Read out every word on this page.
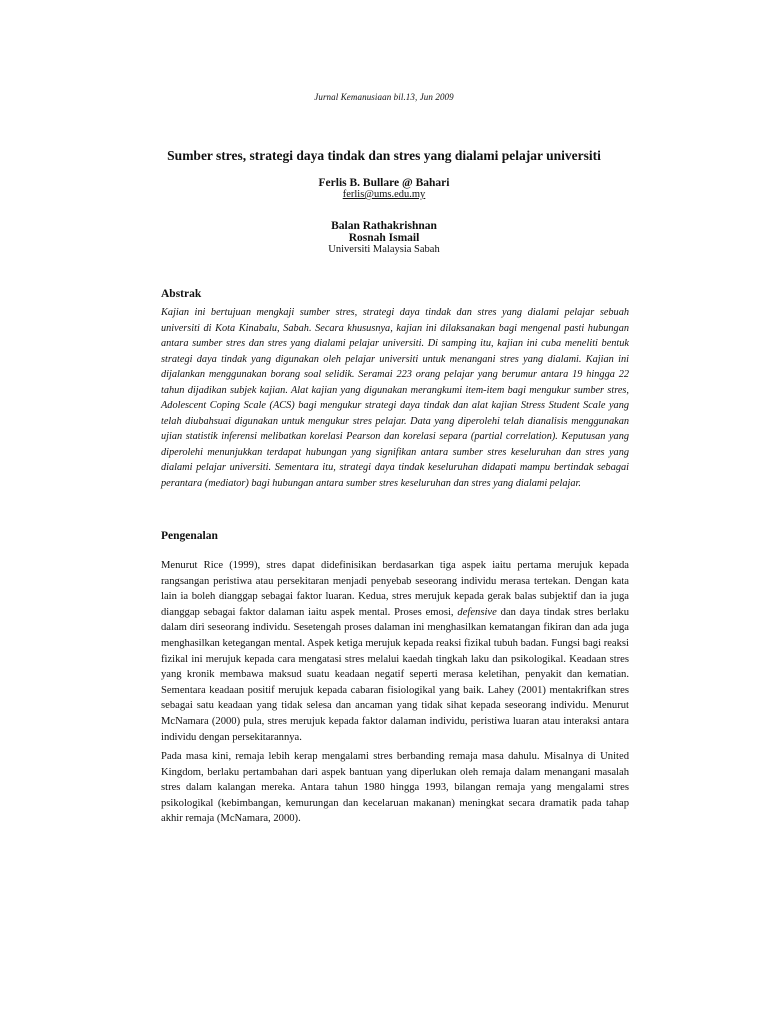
Jurnal Kemanusiaan bil.13, Jun 2009
Sumber stres, strategi daya tindak dan stres yang dialami pelajar universiti
Ferlis B. Bullare @ Bahari
ferlis@ums.edu.my
Balan Rathakrishnan
Rosnah Ismail
Universiti Malaysia Sabah
Abstrak
Kajian ini bertujuan mengkaji sumber stres, strategi daya tindak dan stres yang dialami pelajar sebuah universiti di Kota Kinabalu, Sabah. Secara khususnya, kajian ini dilaksanakan bagi mengenal pasti hubungan antara sumber stres dan stres yang dialami pelajar universiti. Di samping itu, kajian ini cuba meneliti bentuk strategi daya tindak yang digunakan oleh pelajar universiti untuk menangani stres yang dialami. Kajian ini dijalankan menggunakan borang soal selidik. Seramai 223 orang pelajar yang berumur antara 19 hingga 22 tahun dijadikan subjek kajian. Alat kajian yang digunakan merangkumi item-item bagi mengukur sumber stres, Adolescent Coping Scale (ACS) bagi mengukur strategi daya tindak dan alat kajian Stress Student Scale yang telah diubahsuai digunakan untuk mengukur stres pelajar. Data yang diperolehi telah dianalisis menggunakan ujian statistik inferensi melibatkan korelasi Pearson dan korelasi separa (partial correlation). Keputusan yang diperolehi menunjukkan terdapat hubungan yang signifikan antara sumber stres keseluruhan dan stres yang dialami pelajar universiti. Sementara itu, strategi daya tindak keseluruhan didapati mampu bertindak sebagai perantara (mediator) bagi hubungan antara sumber stres keseluruhan dan stres yang dialami pelajar.
Pengenalan

Menurut Rice (1999), stres dapat didefinisikan berdasarkan tiga aspek iaitu pertama merujuk kepada rangsangan peristiwa atau persekitaran menjadi penyebab seseorang individu merasa tertekan. Dengan kata lain ia boleh dianggap sebagai faktor luaran. Kedua, stres merujuk kepada gerak balas subjektif dan ia juga dianggap sebagai faktor dalaman iaitu aspek mental. Proses emosi, defensive dan daya tindak stres berlaku dalam diri seseorang individu. Sesetengah proses dalaman ini menghasilkan kematangan fikiran dan ada juga menghasilkan ketegangan mental. Aspek ketiga merujuk kepada reaksi fizikal tubuh badan. Fungsi bagi reaksi fizikal ini merujuk kepada cara mengatasi stres melalui kaedah tingkah laku dan psikologikal. Keadaan stres yang kronik membawa maksud suatu keadaan negatif seperti merasa keletihan, penyakit dan kematian. Sementara keadaan positif merujuk kepada cabaran fisiologikal yang baik. Lahey (2001) mentakrifkan stres sebagai satu keadaan yang tidak selesa dan ancaman yang tidak sihat kepada seseorang individu. Menurut McNamara (2000) pula, stres merujuk kepada faktor dalaman individu, peristiwa luaran atau interaksi antara individu dengan persekitarannya.

Pada masa kini, remaja lebih kerap mengalami stres berbanding remaja masa dahulu. Misalnya di United Kingdom, berlaku pertambahan dari aspek bantuan yang diperlukan oleh remaja dalam menangani masalah stres dalam kalangan mereka. Antara tahun 1980 hingga 1993, bilangan remaja yang mengalami stres psikologikal (kebimbangan, kemurungan dan kecelaruan makanan) meningkat secara dramatik pada tahap akhir remaja (McNamara, 2000).
